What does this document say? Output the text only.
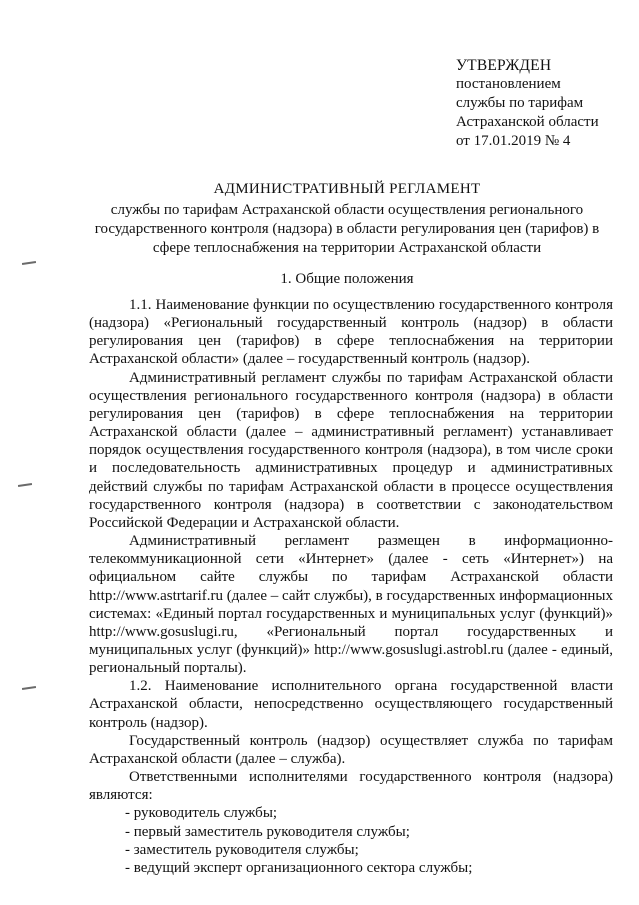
УТВЕРЖДЕН
постановлением
службы по тарифам
Астраханской области
от 17.01.2019 № 4
АДМИНИСТРАТИВНЫЙ РЕГЛАМЕНТ
службы по тарифам Астраханской области осуществления регионального государственного контроля (надзора) в области регулирования цен (тарифов) в сфере теплоснабжения на территории Астраханской области
1. Общие положения

1.1. Наименование функции по осуществлению государственного контроля (надзора) «Региональный государственный контроль (надзор) в области регулирования цен (тарифов) в сфере теплоснабжения на территории Астраханской области» (далее – государственный контроль (надзор).

Административный регламент службы по тарифам Астраханской области осуществления регионального государственного контроля (надзора) в области регулирования цен (тарифов) в сфере теплоснабжения на территории Астраханской области (далее – административный регламент) устанавливает порядок осуществления государственного контроля (надзора), в том числе сроки и последовательность административных процедур и административных действий службы по тарифам Астраханской области в процессе осуществления государственного контроля (надзора) в соответствии с законодательством Российской Федерации и Астраханской области.

Административный регламент размещен в информационно-телекоммуникационной сети «Интернет» (далее - сеть «Интернет») на официальном сайте службы по тарифам Астраханской области http://www.astrtarif.ru (далее – сайт службы), в государственных информационных системах: «Единый портал государственных и муниципальных услуг (функций)» http://www.gosuslugi.ru, «Региональный портал государственных и муниципальных услуг (функций)» http://www.gosuslugi.astrobl.ru (далее - единый, региональный порталы).

1.2. Наименование исполнительного органа государственной власти Астраханской области, непосредственно осуществляющего государственный контроль (надзор).

Государственный контроль (надзор) осуществляет служба по тарифам Астраханской области (далее – служба).

Ответственными исполнителями государственного контроля (надзора) являются:

- руководитель службы;
- первый заместитель руководителя службы;
- заместитель руководителя службы;
- ведущий эксперт организационного сектора службы;
